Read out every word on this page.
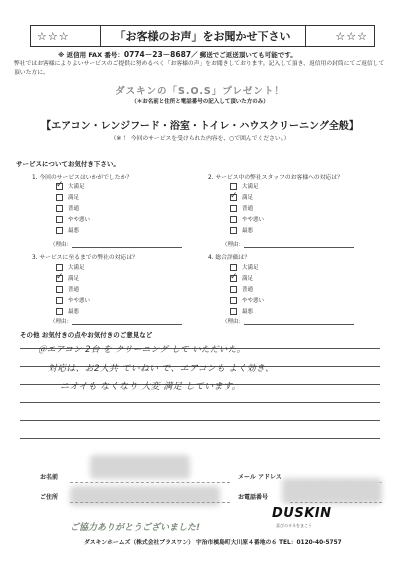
☆☆☆	「お客様のお声」をお聞かせ下さい	☆☆☆
※ 返信用 FAX 番号：0774－23－8687／ 郵送でご返送頂いても可能です。
弊社ではお客様によりよいサービスのご提供に努めるべく「お客様の声」をお聞きしております。記入して頂き、返信用の封筒にてご返信して頂いた方に、
ダスキンの「S.O.S」プレゼント！
（＊お名前と住所と電話番号の記入して頂いた方のみ）
【エアコン・レンジフード・浴室・トイレ・ハウスクリーニング全般】
（※ ！ 今回のサービスを受けられた内容を、○で囲んでください。）
サービスについてお気付き下さい。
1. 今回のサービスはいかがでしたか？
✓
大満足
満足
普通
やや悪い
最悪
（理由：
2. サービス中の弊社スタッフのお客様への対応は？
大満足
✓
満足
普通
やや悪い
最悪
（理由：
3. サービスに至るまでの弊社の対応は？
大満足
✓
満足
普通
やや悪い
最悪
（理由：
4. 総合評価は？
大満足
✓
満足
普通
やや悪い
最悪
（理由：
その他 お気付きの点やお気付きのご意見など
＠エアコン 2台 を クリーニング して いただいた。
対応は、お2人共 ていねい で、エアコンも よく効き、
ニオイも なくなり 大変 満足 しています。
お名前	メール アドレス
ご住所	お電話番号
ご協力ありがとうございました!
DUSKIN
喜びのタネをまこう
ダスキンホームズ（株式会社プラスワン） 宇治市槙島町大川原４番地の６ TEL：0120-40-5757
